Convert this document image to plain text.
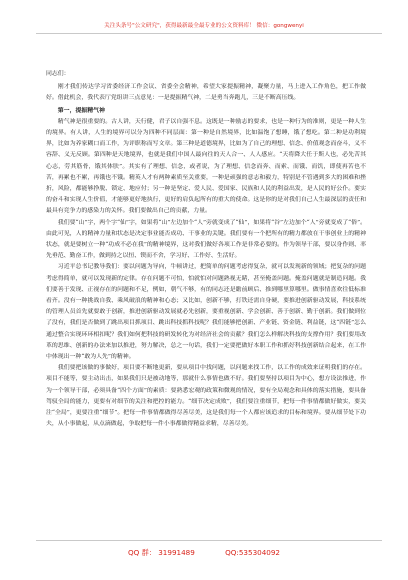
关注头条号"公文研究"，获得最新最全最专业的公文资料库！ 微信：gongwenyi

同志们：

刚才我们传达学习省委经济工作会议、省委全会精神，希望大家提振精神，凝聚力量，马上进入工作角色，把工作做好。借此机会，我代表厅党组讲三点意见：一是提振精气神，二是勇当奔跑儿，三是不断高压线。

第一，提振精气神

精气神是很重要的。古人讲，天行健，君子以自强不息。这既是一种励志的要求，也是一种行为的准则，更是一种人生的境界。有人讲，人生的境界可以分为四种不同层面：第一种是自然境界，比如温饱了想睡，饿了想吃。第二种是功利境界，比如为养家糊口而工作，为评职称而写文章。第三种是道德境界，比如为了自己的理想、信念、价值观念而奋斗，义不容辞、义无反顾。第四种是天地境界，也就是我们中国人最向往的天人合一、人人感应。“天将降大任于斯人也，必先苦其心志，劳其筋骨，饿其体肤”。其实有了理想、信念，或者说，为了理想、信念而奔、而索、而饿、而饥，即使再苦也不苦，再累也不累，再饿也不饿。精英人才有两种素质至关重要，一种是顽强的意志和毅力，特别是不管遇到多大的困难和挫折，风险，都能够挣脱、锁定、地应付；另一种是坚定、爱人民、爱国家、民族和人民的利益出发，是人民的好公仆。要实的奋斗和实现人生价值，才能够更好地执行，更好的肩负起所有的重大的使命。这是你的是对我们自己人生最深层的责任和最具有竞争力的感染力的关怀。我们要做出自己的贡献，力量。

我们要“山”字，两个字“仙”字，如果将“山”左边加个“人”旁就变成了“仙”，如果将“谷”左边加个“人”旁就变成了“俗”。由此可见，人的精神力量和状态是决定事业能否成功、干事业的关键。我们要有一个把所有的精力都放在干事创业上的精神状态，就是要树立一种“功成不必在我”的精神境界，这对我们做好各项工作是非常必要的。作为领导干部，要以身作则、率先垂范、勤奋工作，做到持之以恒、锲而不舍，学习好、工作好、生活好。

习近平总书记教导我们：要以问题为导向，牛顿讲过，把简单的问题考虑得复杂，就可以发现新的领域；把复杂的问题考虑得简单，就可以发现新的定律。存在问题不可怕，怕就怕对问题熟视无睹，甚至掩盖问题。掩盖问题就是制造问题。我们要善于发现、正视存在的问题和不足，例如，朝气不够，有的同志还是瞻前顾后、推到哪里算哪里。做事情喜欢往低标准看齐。没有一种挑战自我、乘风破浪的精神和心态；又比如，创新不够，打铁还需自身硬，要推进创新驱动发展，科技系统的管理人员首先就要敢于创新，推进创新驱动发展就必先创新，要重视创新、学会创新、善于创新、勤于创新。我们做到位了没有，我们是否做到了跳出项目抓项目、跳出科技抓科技呢？我们能够把创新、产业链、资金链、利益链，这“四链”怎么通过整合实现环环相扣呢？我们如何把科技的研发转化为对经济社会的贡献？我们怎么样解决科技的支撑作用？我们要用改革的思维、创新的办法来加以推进，努力解决，总之一句话，我们一定要把做好本职工作和抓好科技创新结合起来，在工作中体现出一种“敢为人先”的精神。

我们要把该做的事做好，项目要不断地更新，要从项目中找问题，以问题来找工作，以工作的成效来证明我们的存在。项目不能等，要主动出击，如果我们只是被动地等，那就什么事情也做不好。我们要坚持以项目为中心，想方设法推进，作为一个领导干部，必须具备“四个方面”的素质：要熟悉宏观的政策和微观的情况，要有全局观念和具体的落实措施，要具备驾驭全局的能力，更要有对细节的关注和把控的能力。“细节决定成败”，我们要注重细节，把每一件事情都做好做实，要关注“全局”，更要注重“细节”。把每一件事情都做得尽善尽美，这是我们每一个人都应该追求的目标和境界。要从细节处下功夫，从小事做起，从点滴做起，争取把每一件小事都做得精益求精，尽善尽美。

QQ 群： 31991489	QQ:535304092
